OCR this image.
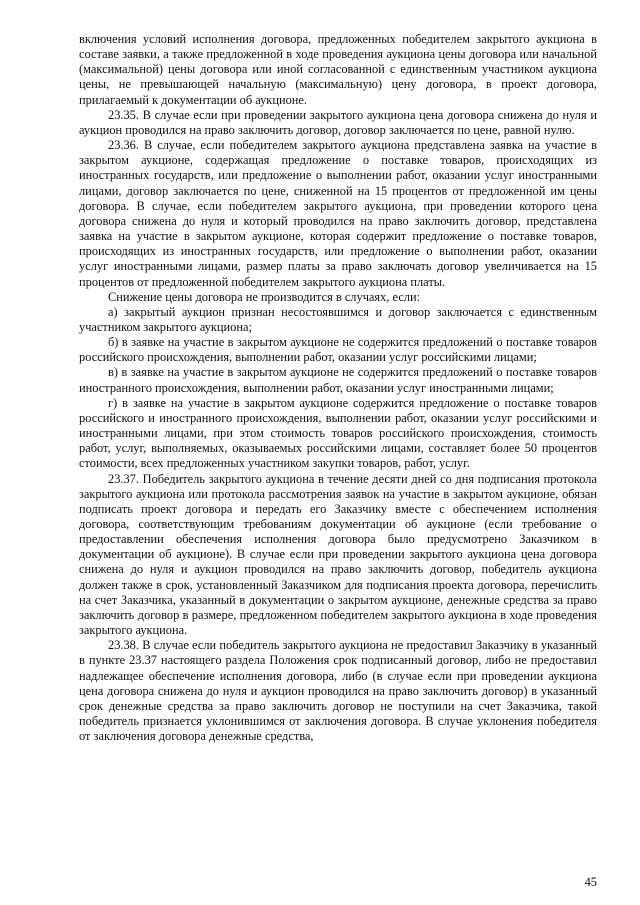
включения условий исполнения договора, предложенных победителем закрытого аукциона в составе заявки, а также предложенной в ходе проведения аукциона цены договора или начальной (максимальной) цены договора или иной согласованной с единственным участником аукциона цены, не превышающей начальную (максимальную) цену договора, в проект договора, прилагаемый к документации об аукционе.

23.35. В случае если при проведении закрытого аукциона цена договора снижена до нуля и аукцион проводился на право заключить договор, договор заключается по цене, равной нулю.

23.36. В случае, если победителем закрытого аукциона представлена заявка на участие в закрытом аукционе, содержащая предложение о поставке товаров, происходящих из иностранных государств, или предложение о выполнении работ, оказании услуг иностранными лицами, договор заключается по цене, сниженной на 15 процентов от предложенной им цены договора. В случае, если победителем закрытого аукциона, при проведении которого цена договора снижена до нуля и который проводился на право заключить договор, представлена заявка на участие в закрытом аукционе, которая содержит предложение о поставке товаров, происходящих из иностранных государств, или предложение о выполнении работ, оказании услуг иностранными лицами, размер платы за право заключать договор увеличивается на 15 процентов от предложенной победителем закрытого аукциона платы.

Снижение цены договора не производится в случаях, если:

а) закрытый аукцион признан несостоявшимся и договор заключается с единственным участником закрытого аукциона;

б) в заявке на участие в закрытом аукционе не содержится предложений о поставке товаров российского происхождения, выполнении работ, оказании услуг российскими лицами;

в) в заявке на участие в закрытом аукционе не содержится предложений о поставке товаров иностранного происхождения, выполнении работ, оказании услуг иностранными лицами;

г) в заявке на участие в закрытом аукционе содержится предложение о поставке товаров российского и иностранного происхождения, выполнении работ, оказании услуг российскими и иностранными лицами, при этом стоимость товаров российского происхождения, стоимость работ, услуг, выполняемых, оказываемых российскими лицами, составляет более 50 процентов стоимости, всех предложенных участником закупки товаров, работ, услуг.

23.37. Победитель закрытого аукциона в течение десяти дней со дня подписания протокола закрытого аукциона или протокола рассмотрения заявок на участие в закрытом аукционе, обязан подписать проект договора и передать его Заказчику вместе с обеспечением исполнения договора, соответствующим требованиям документации об аукционе (если требование о предоставлении обеспечения исполнения договора было предусмотрено Заказчиком в документации об аукционе). В случае если при проведении закрытого аукциона цена договора снижена до нуля и аукцион проводился на право заключить договор, победитель аукциона должен также в срок, установленный Заказчиком для подписания проекта договора, перечислить на счет Заказчика, указанный в документации о закрытом аукционе, денежные средства за право заключить договор в размере, предложенном победителем закрытого аукциона в ходе проведения закрытого аукциона.

23.38. В случае если победитель закрытого аукциона не предоставил Заказчику в указанный в пункте 23.37 настоящего раздела Положения срок подписанный договор, либо не предоставил надлежащее обеспечение исполнения договора, либо (в случае если при проведении аукциона цена договора снижена до нуля и аукцион проводился на право заключить договор) в указанный срок денежные средства за право заключить договор не поступили на счет Заказчика, такой победитель признается уклонившимся от заключения договора. В случае уклонения победителя от заключения договора денежные средства,

45
